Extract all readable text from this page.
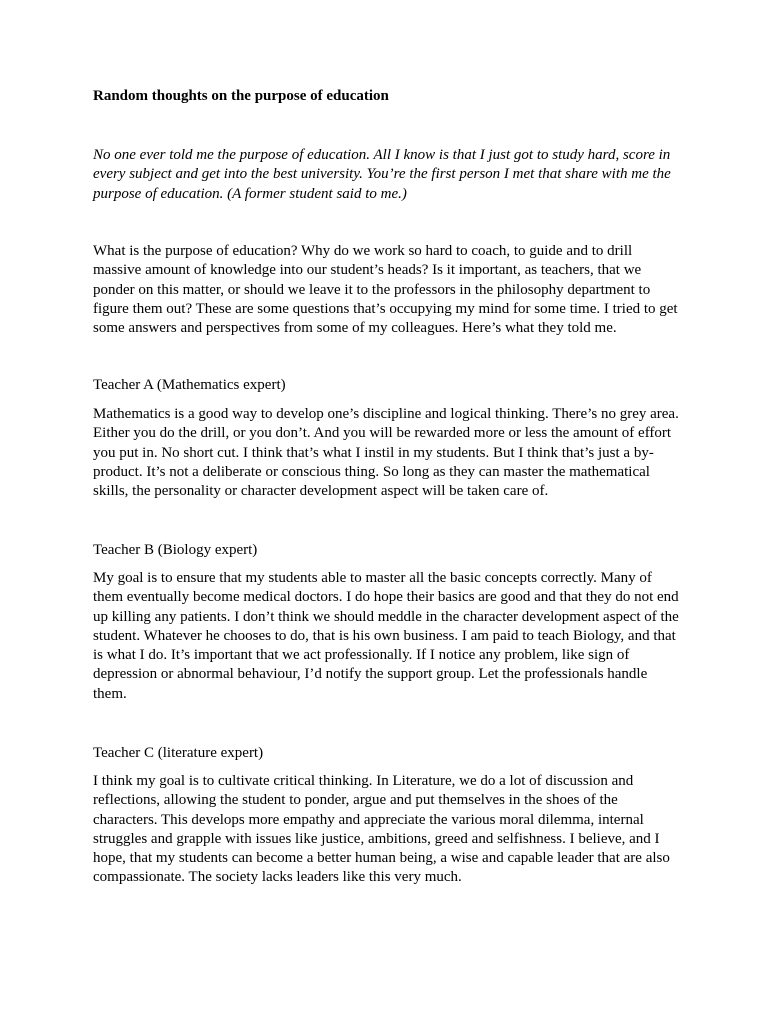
Random thoughts on the purpose of education

No one ever told me the purpose of education. All I know is that I just got to study hard, score in every subject and get into the best university. You’re the first person I met that share with me the purpose of education. (A former student said to me.)

What is the purpose of education? Why do we work so hard to coach, to guide and to drill massive amount of knowledge into our student’s heads? Is it important, as teachers, that we ponder on this matter, or should we leave it to the professors in the philosophy department to figure them out? These are some questions that’s occupying my mind for some time. I tried to get some answers and perspectives from some of my colleagues. Here’s what they told me.

Teacher A (Mathematics expert)

Mathematics is a good way to develop one’s discipline and logical thinking. There’s no grey area. Either you do the drill, or you don’t. And you will be rewarded more or less the amount of effort you put in. No short cut. I think that’s what I instil in my students. But I think that’s just a by-product. It’s not a deliberate or conscious thing. So long as they can master the mathematical skills, the personality or character development aspect will be taken care of.

Teacher B (Biology expert)

My goal is to ensure that my students able to master all the basic concepts correctly. Many of them eventually become medical doctors. I do hope their basics are good and that they do not end up killing any patients. I don’t think we should meddle in the character development aspect of the student. Whatever he chooses to do, that is his own business. I am paid to teach Biology, and that is what I do. It’s important that we act professionally. If I notice any problem, like sign of depression or abnormal behaviour, I’d notify the support group. Let the professionals handle them.

Teacher C (literature expert)

I think my goal is to cultivate critical thinking. In Literature, we do a lot of discussion and reflections, allowing the student to ponder, argue and put themselves in the shoes of the characters. This develops more empathy and appreciate the various moral dilemma, internal struggles and grapple with issues like justice, ambitions, greed and selfishness. I believe, and I hope, that my students can become a better human being, a wise and capable leader that are also compassionate. The society lacks leaders like this very much.
